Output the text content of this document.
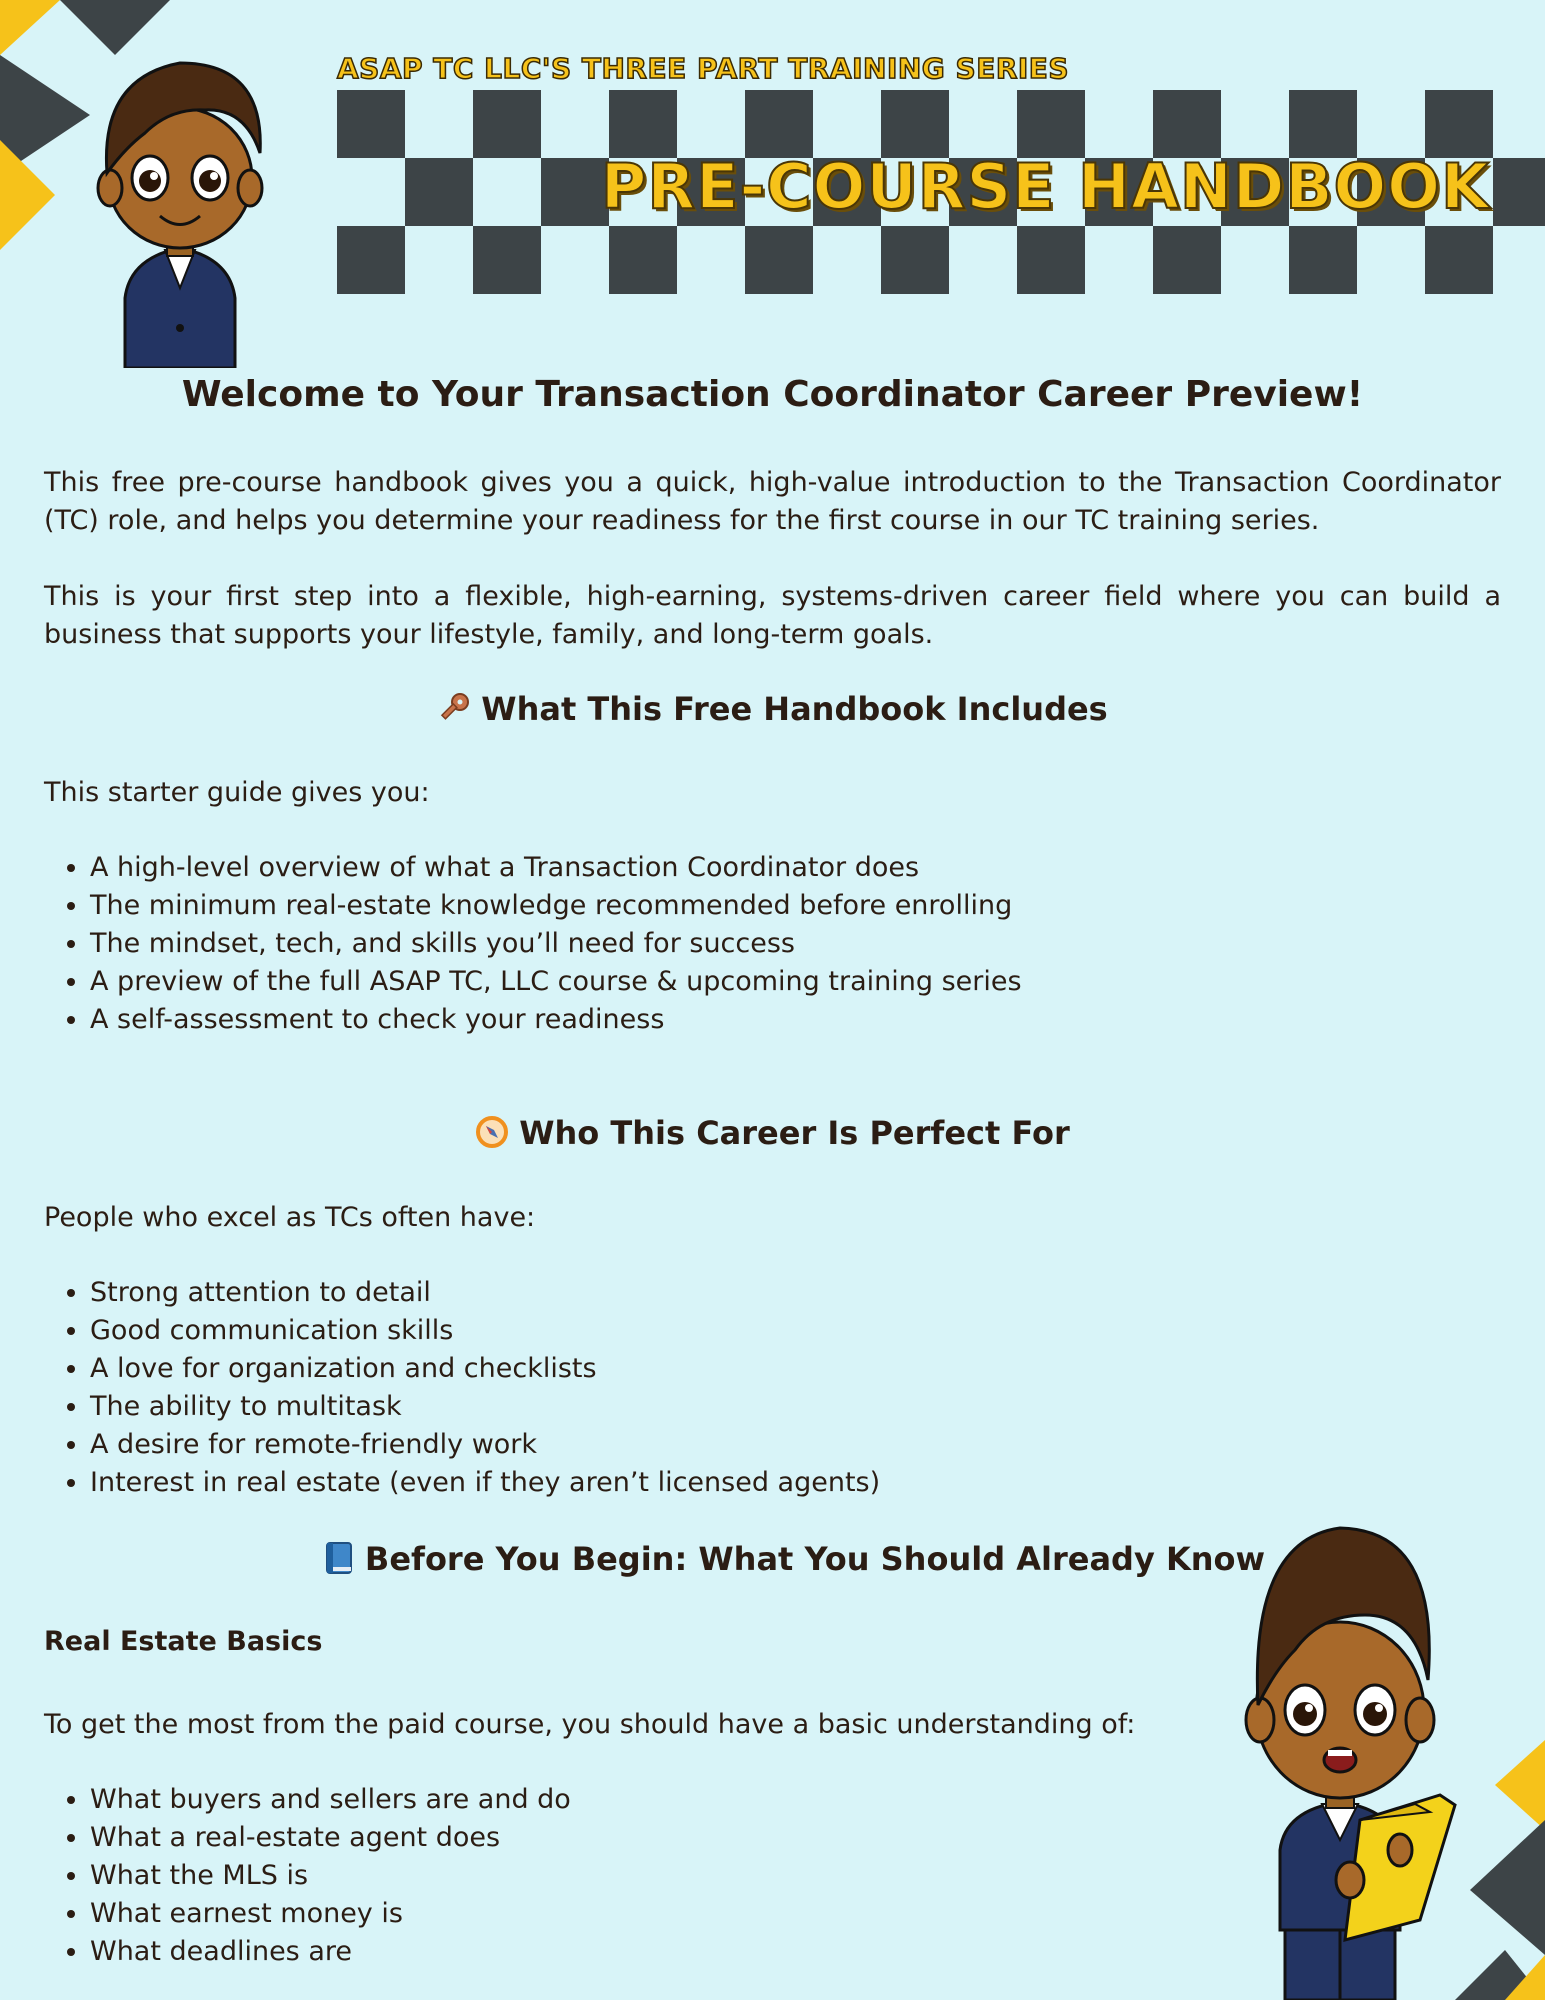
ASAP TC LLC'S THREE PART TRAINING SERIES
PRE-COURSE HANDBOOK
Welcome to Your Transaction Coordinator Career Preview!

This free pre-course handbook gives you a quick, high-value introduction to the Transaction Coordinator (TC) role, and helps you determine your readiness for the first course in our TC training series.

This is your first step into a flexible, high-earning, systems-driven career field where you can build a business that supports your lifestyle, family, and long-term goals.

What This Free Handbook Includes

This starter guide gives you:

• A high-level overview of what a Transaction Coordinator does
• The minimum real-estate knowledge recommended before enrolling
• The mindset, tech, and skills you’ll need for success
• A preview of the full ASAP TC, LLC course & upcoming training series
• A self-assessment to check your readiness
Who This Career Is Perfect For

People who excel as TCs often have:

• Strong attention to detail
• Good communication skills
• A love for organization and checklists
• The ability to multitask
• A desire for remote-friendly work
• Interest in real estate (even if they aren’t licensed agents)
Before You Begin: What You Should Already Know
Real Estate Basics

To get the most from the paid course, you should have a basic understanding of:

• What buyers and sellers are and do
• What a real-estate agent does
• What the MLS is
• What earnest money is
• What deadlines are
